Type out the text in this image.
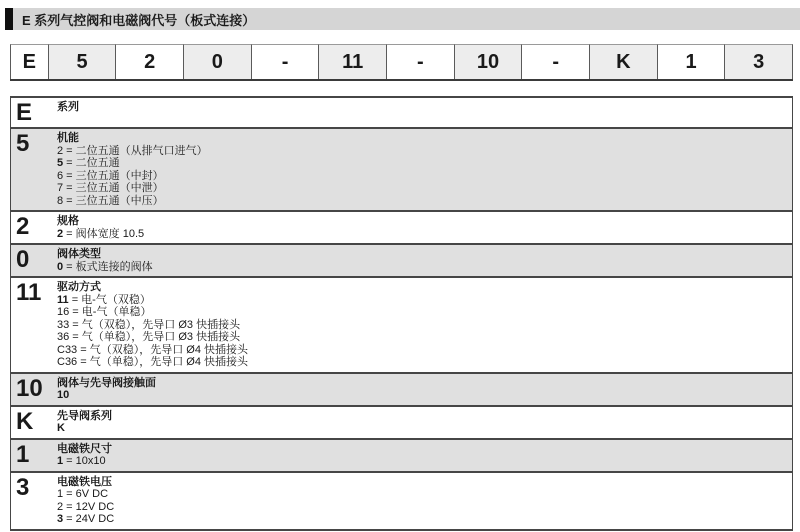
E 系列气控阀和电磁阀代号（板式连接）
E	5	2	0	-	11	-	10	-	K	1	3
E	系列
5	机能
2 = 二位五通（从排气口进气）
5 = 二位五通
6 = 三位五通（中封）
7 = 三位五通（中泄）
8 = 三位五通（中压）
2	规格
2 = 阀体宽度 10.5
0	阀体类型
0 = 板式连接的阀体
11	驱动方式
11 = 电-气（双稳）
16 = 电-气（单稳）
33 = 气（双稳），先导口 Ø3 快插接头
36 = 气（单稳），先导口 Ø3 快插接头
C33 = 气（双稳），先导口 Ø4 快插接头
C36 = 气（单稳），先导口 Ø4 快插接头
10	阀体与先导阀接触面
10
K	先导阀系列
K
1	电磁铁尺寸
1 = 10x10
3	电磁铁电压
1 = 6V DC
2 = 12V DC
3 = 24V DC
